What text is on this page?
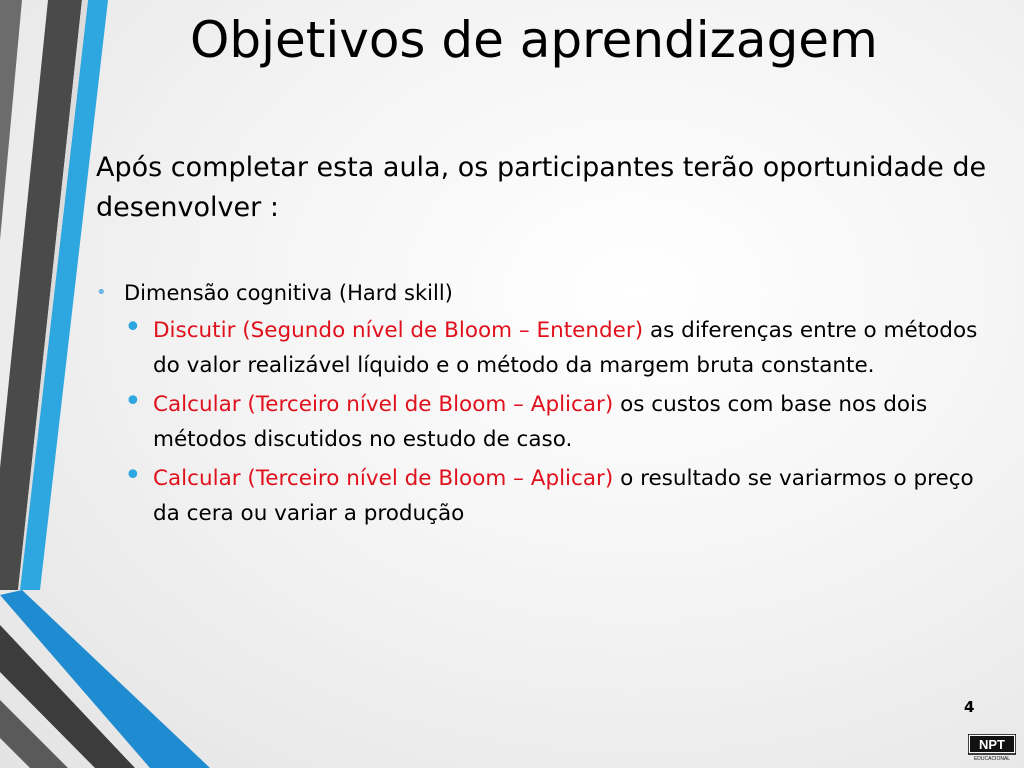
Objetivos de aprendizagem

Após completar esta aula, os participantes terão oportunidade de desenvolver :

• Dimensão cognitiva (Hard skill)
• Discutir (Segundo nível de Bloom – Entender) as diferenças entre o métodos do valor realizável líquido e o método da margem bruta constante.
• Calcular (Terceiro nível de Bloom – Aplicar) os custos com base nos dois métodos discutidos no estudo de caso.
• Calcular (Terceiro nível de Bloom – Aplicar) o resultado se variarmos o preço da cera ou variar a produção
4
NPT
EDUCACIONAL
